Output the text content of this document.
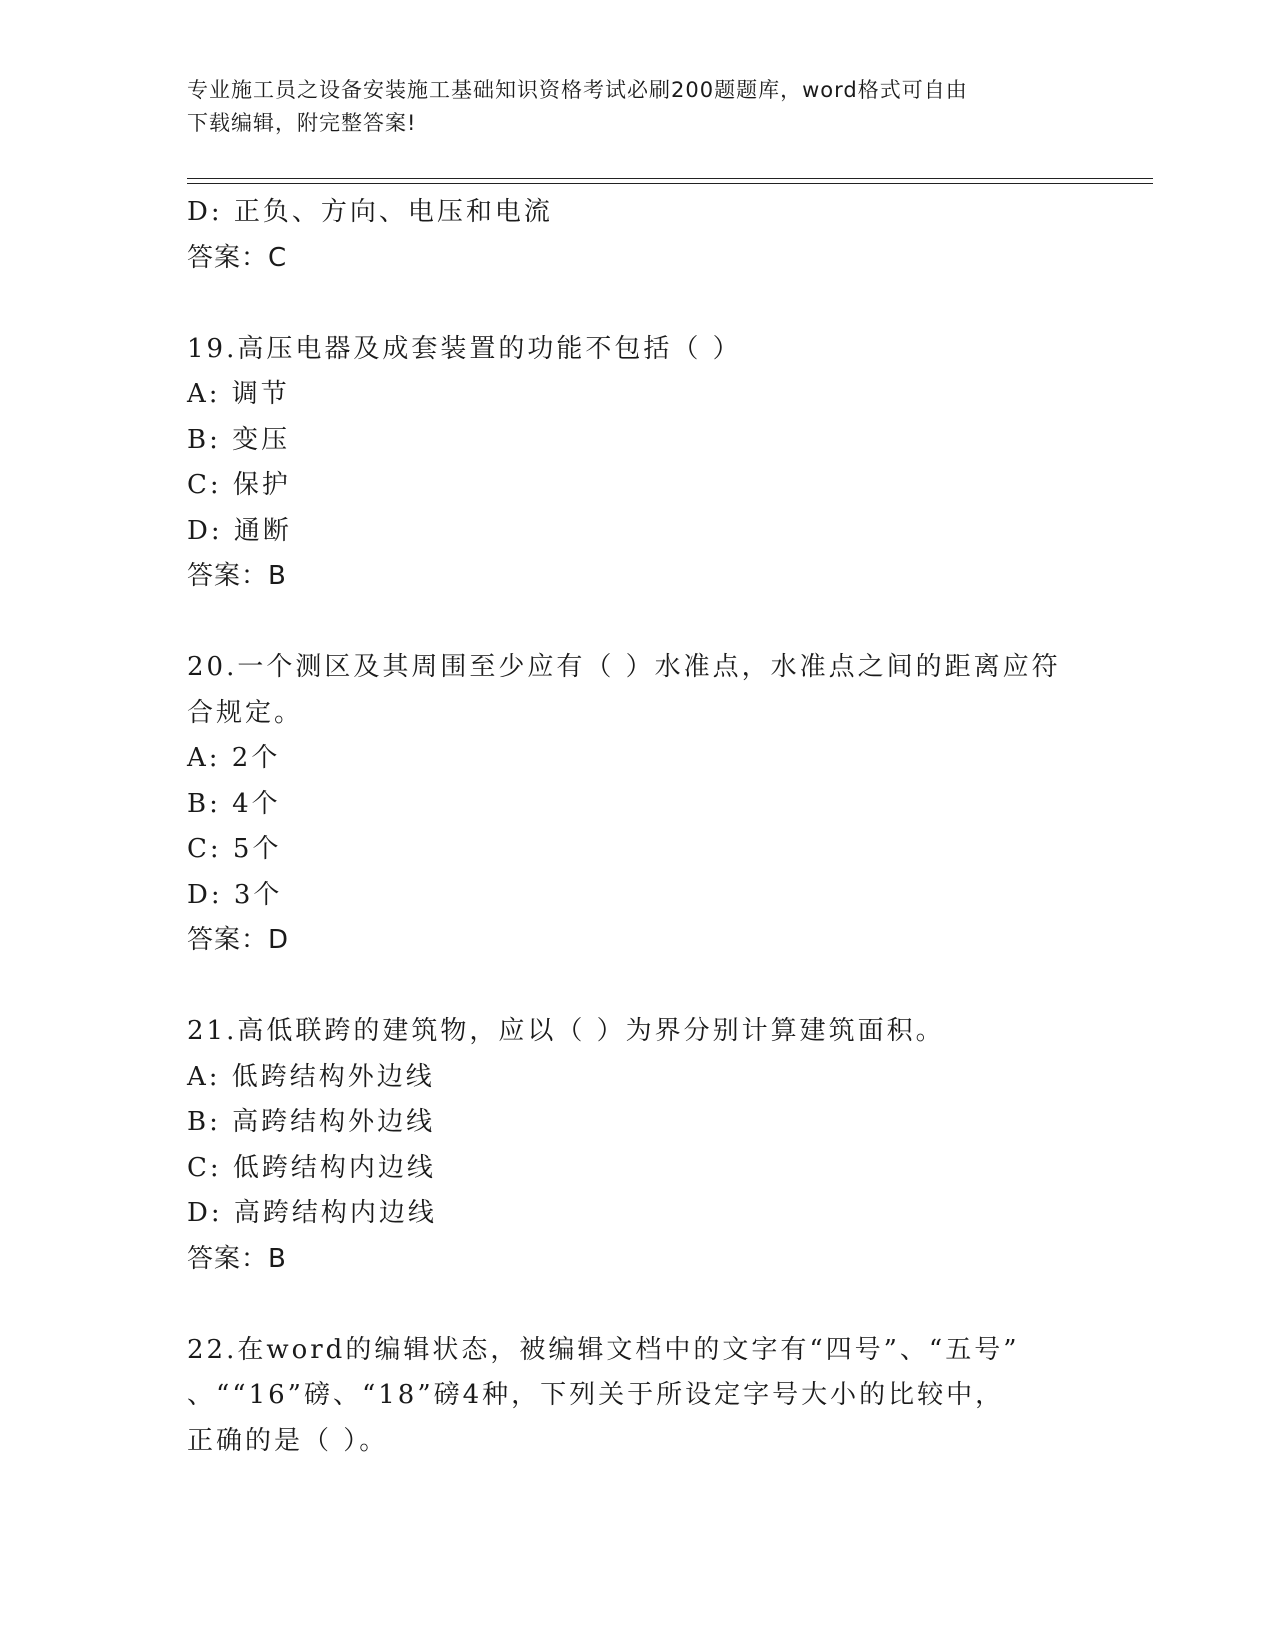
专业施工员之设备安装施工基础知识资格考试必刷200题题库，word格式可自由
下载编辑，附完整答案!
D: 正负、方向、电压和电流
答案：C
19.高压电器及成套装置的功能不包括（ ）
A: 调节
B: 变压
C: 保护
D: 通断
答案：B
20.一个测区及其周围至少应有（ ）水准点，水准点之间的距离应符
合规定。
A: 2个
B: 4个
C: 5个
D: 3个
答案：D
21.高低联跨的建筑物，应以（ ）为界分别计算建筑面积。
A: 低跨结构外边线
B: 高跨结构外边线
C: 低跨结构内边线
D: 高跨结构内边线
答案：B
22.在word的编辑状态，被编辑文档中的文字有“四号”、“五号”
、““16”磅、“18”磅4种，下列关于所设定字号大小的比较中，
正确的是（ ）。
